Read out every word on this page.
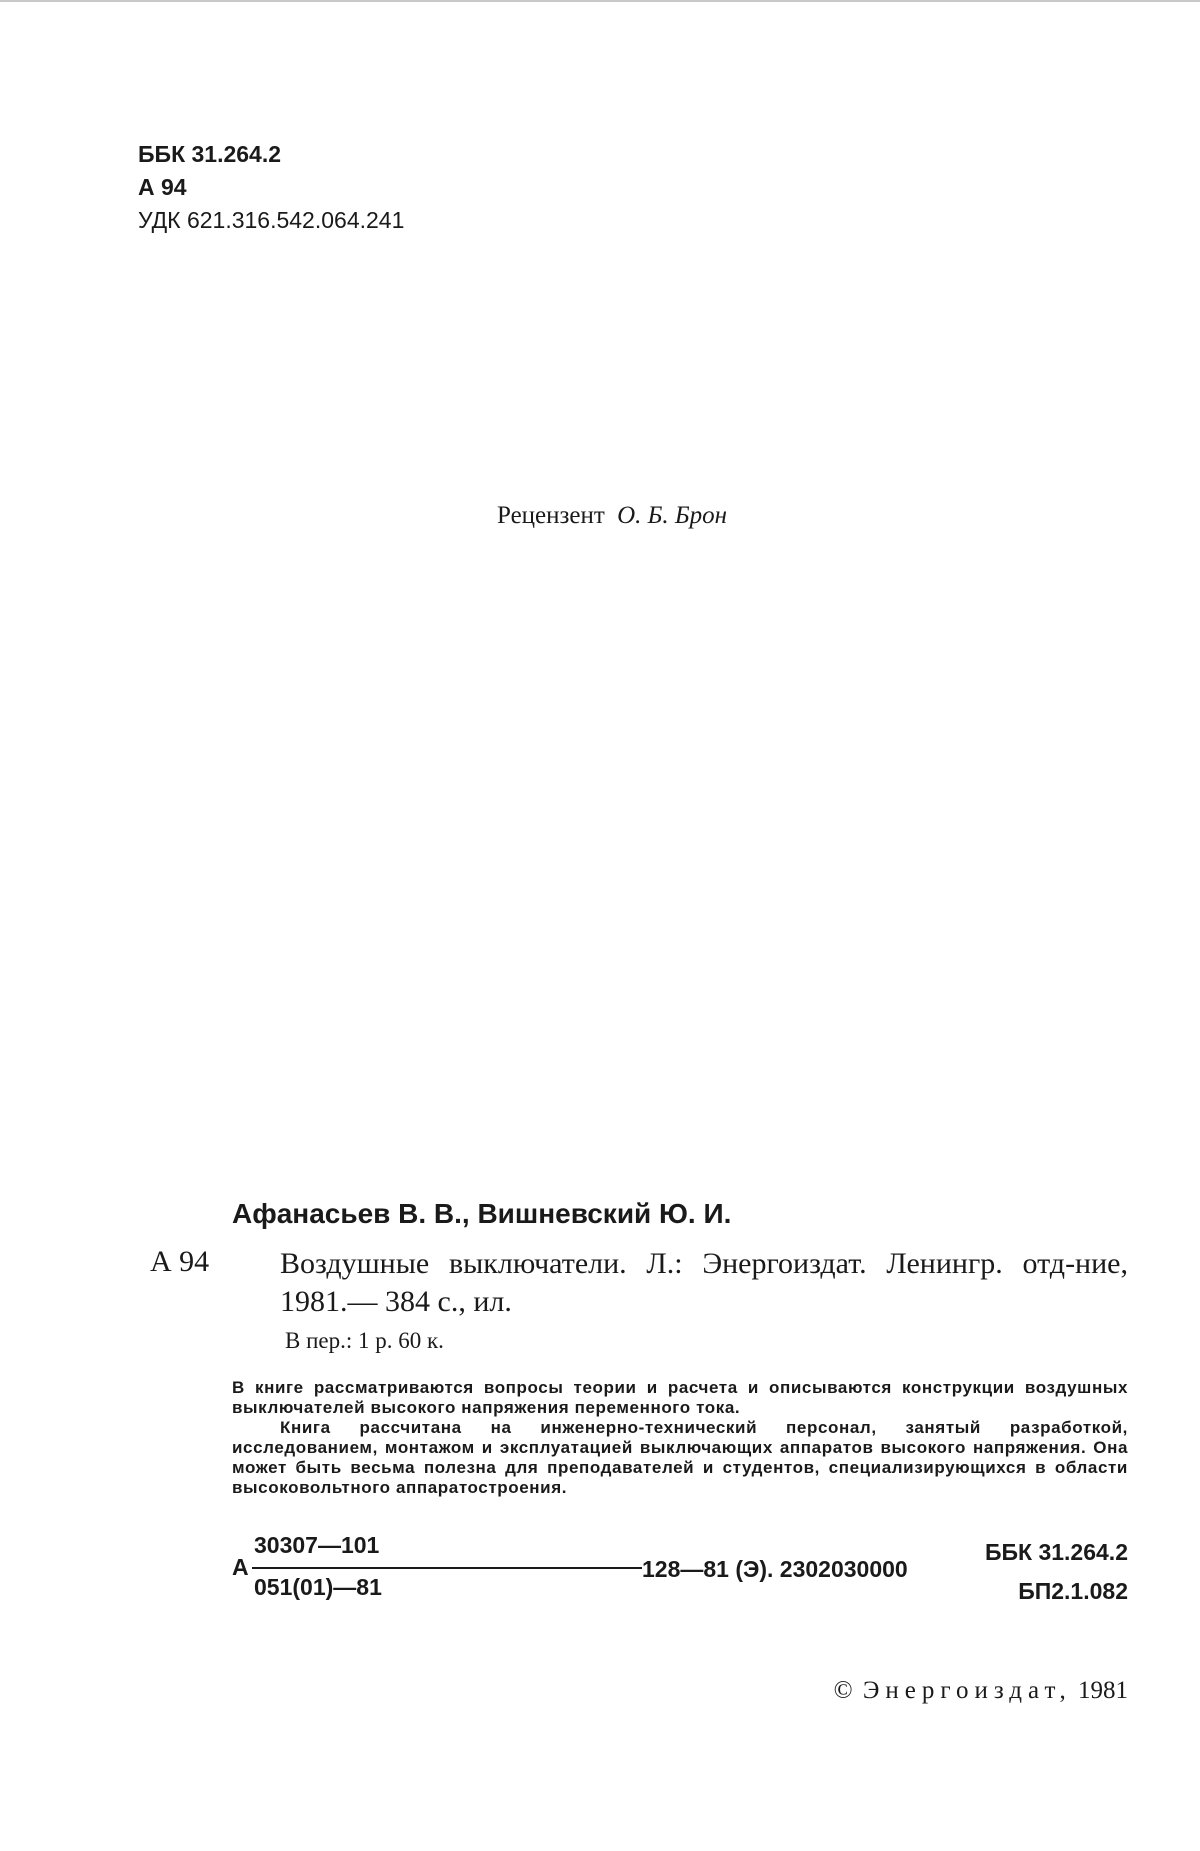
ББК 31.264.2
А 94
УДК 621.316.542.064.241
Рецензент О. Б. Брон
Афанасьев В. В., Вишневский Ю. И.
А 94 Воздушные выключатели. Л.: Энергоиздат. Ленингр. отд-ние, 1981.— 384 с., ил.
В пер.: 1 р. 60 к.

В книге рассматриваются вопросы теории и расчета и описываются конструкции воздушных выключателей высокого напряжения переменного тока.

Книга рассчитана на инженерно-технический персонал, занятый разработкой, исследованием, монтажом и эксплуатацией выключающих аппаратов высокого напряжения. Она может быть весьма полезна для преподавателей и студентов, специализирующихся в области высоковольтного аппаратостроения.

А
30307—101
051(01)—81
128—81 (Э). 2302030000
ББК 31.264.2
БП2.1.082
© Энергоиздат, 1981
